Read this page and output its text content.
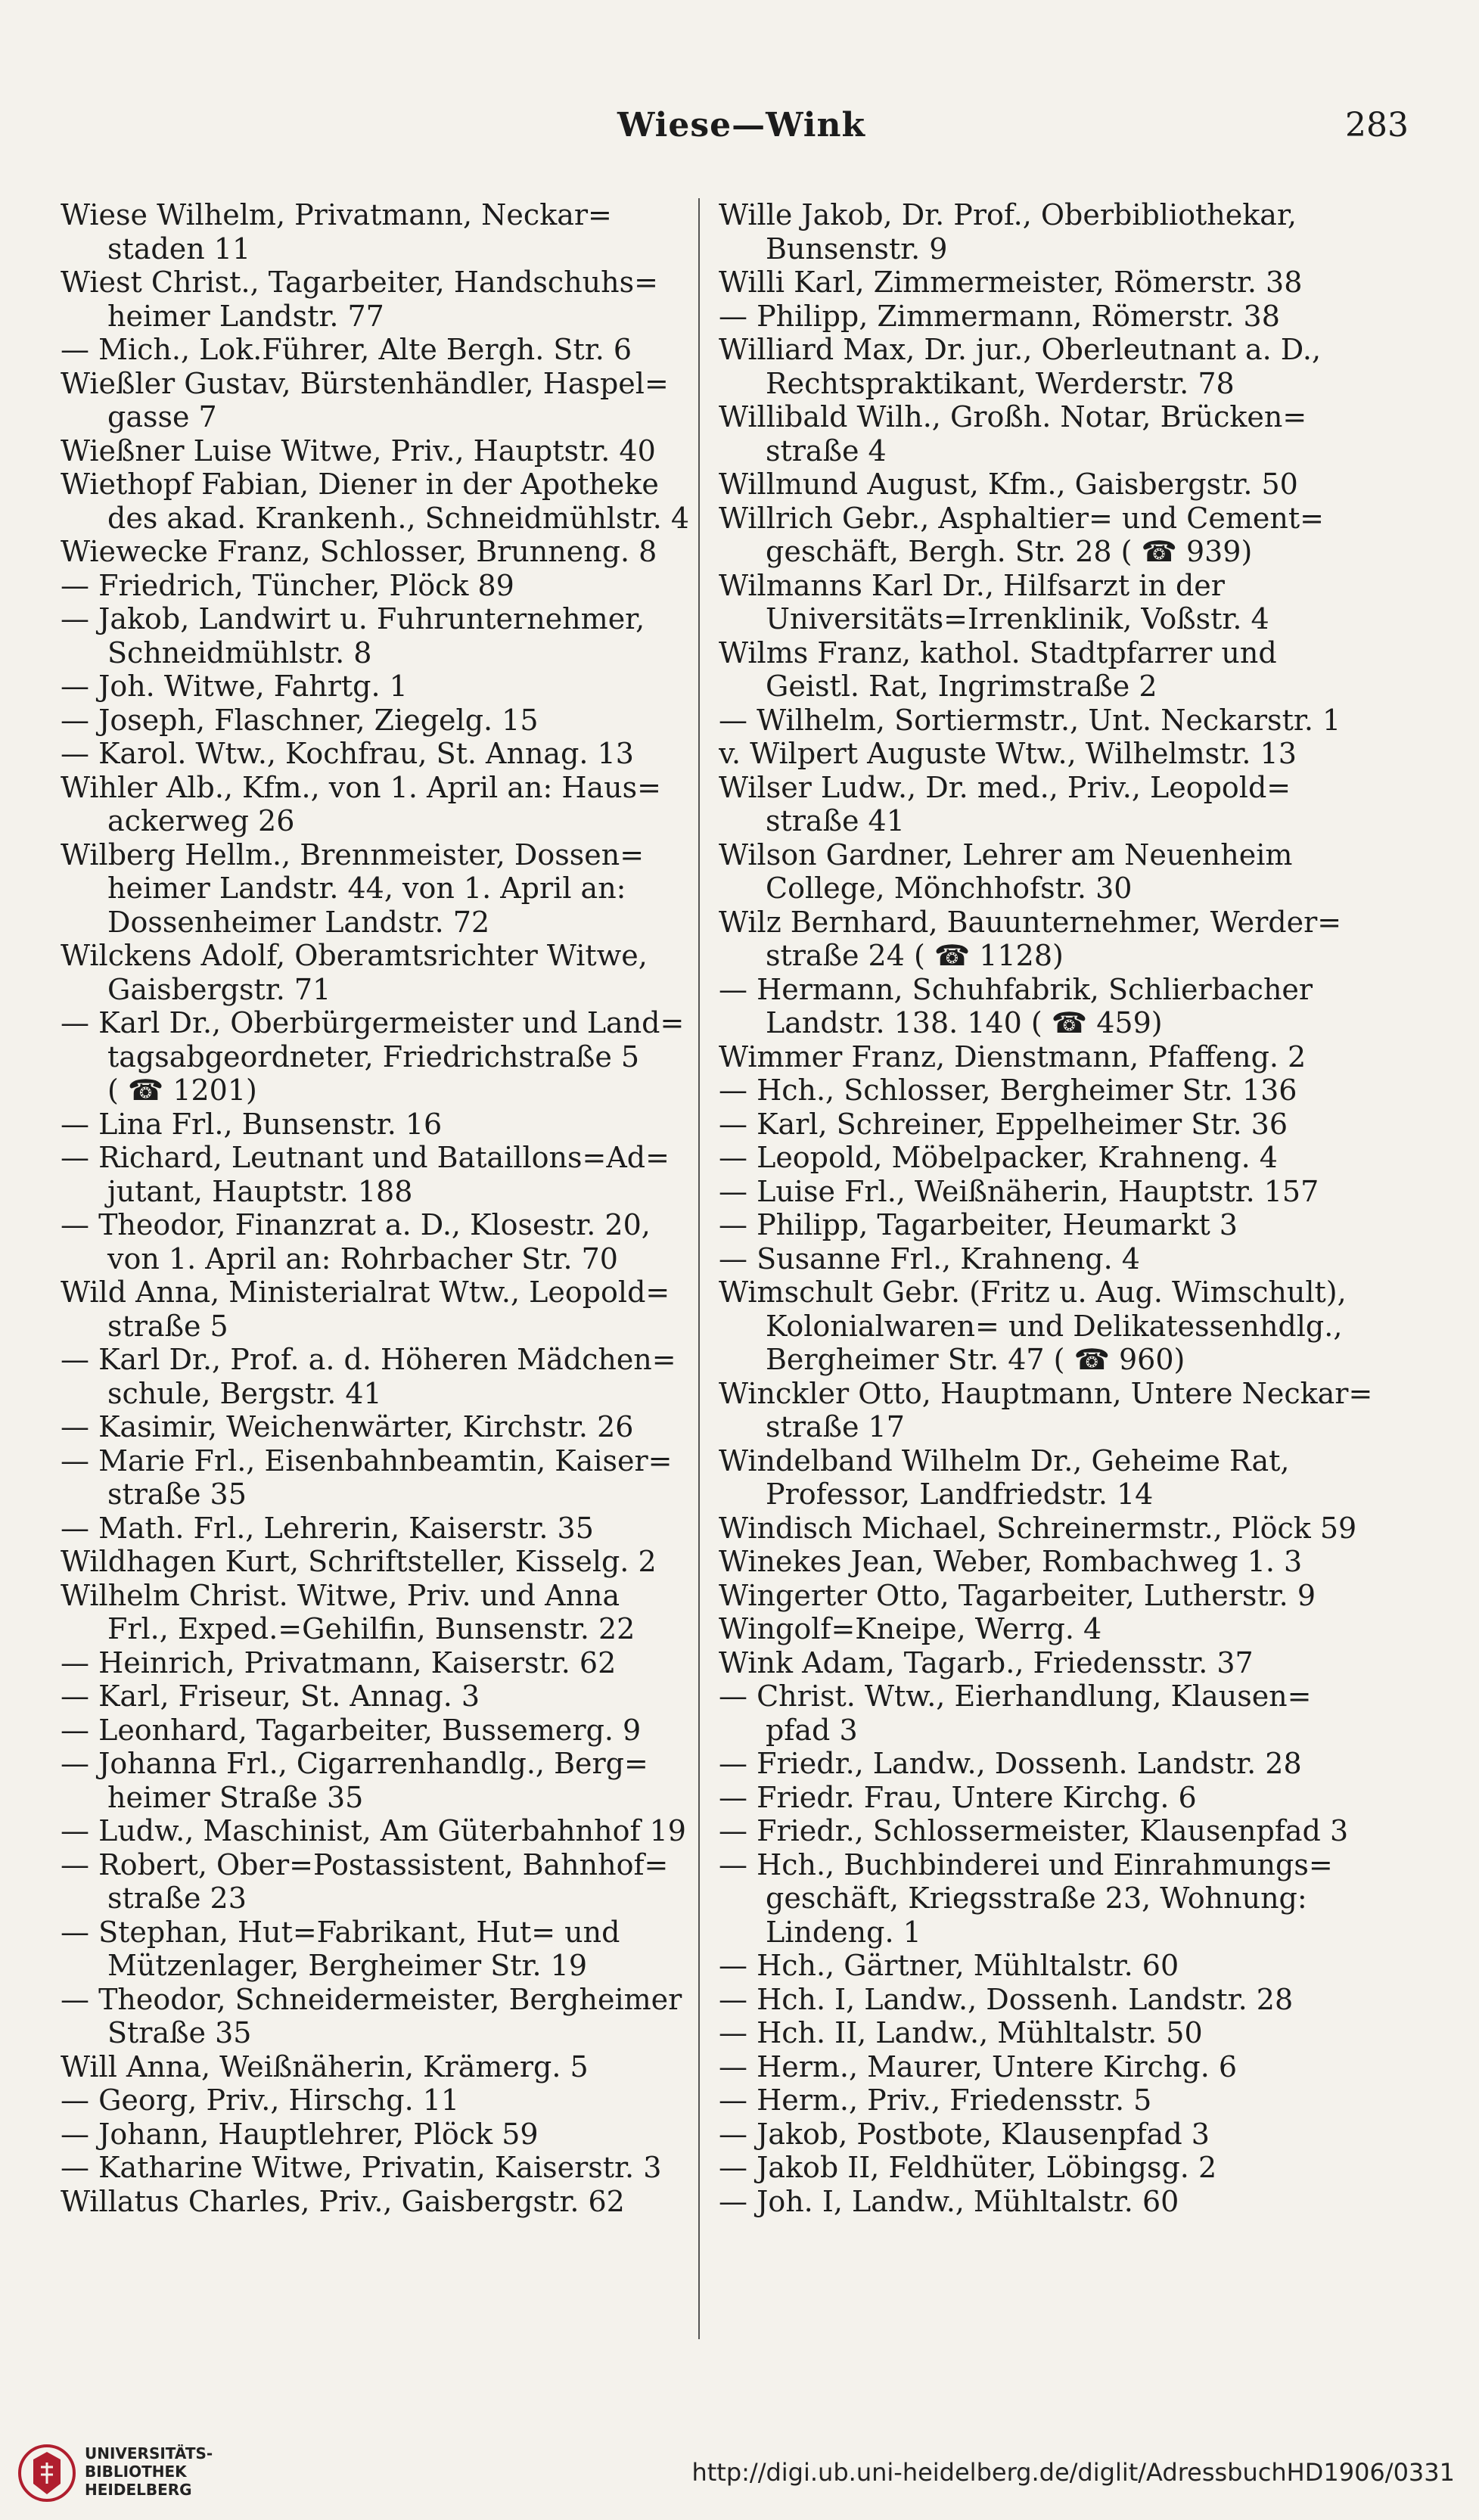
Wiese—Wink	283
Wiese Wilhelm, Privatmann, Neckar=
staden 11
Wiest Christ., Tagarbeiter, Handschuhs=
heimer Landstr. 77
— Mich., Lok.Führer, Alte Bergh. Str. 6
Wießler Gustav, Bürstenhändler, Haspel=
gasse 7
Wießner Luise Witwe, Priv., Hauptstr. 40
Wiethopf Fabian, Diener in der Apotheke
des akad. Krankenh., Schneidmühlstr. 4
Wiewecke Franz, Schlosser, Brunneng. 8
— Friedrich, Tüncher, Plöck 89
— Jakob, Landwirt u. Fuhrunternehmer,
Schneidmühlstr. 8
— Joh. Witwe, Fahrtg. 1
— Joseph, Flaschner, Ziegelg. 15
— Karol. Wtw., Kochfrau, St. Annag. 13
Wihler Alb., Kfm., von 1. April an: Haus=
ackerweg 26
Wilberg Hellm., Brennmeister, Dossen=
heimer Landstr. 44, von 1. April an:
Dossenheimer Landstr. 72
Wilckens Adolf, Oberamtsrichter Witwe,
Gaisbergstr. 71
— Karl Dr., Oberbürgermeister und Land=
tagsabgeordneter, Friedrichstraße 5
( ☎ 1201)
— Lina Frl., Bunsenstr. 16
— Richard, Leutnant und Bataillons=Ad=
jutant, Hauptstr. 188
— Theodor, Finanzrat a. D., Klosestr. 20,
von 1. April an: Rohrbacher Str. 70
Wild Anna, Ministerialrat Wtw., Leopold=
straße 5
— Karl Dr., Prof. a. d. Höheren Mädchen=
schule, Bergstr. 41
— Kasimir, Weichenwärter, Kirchstr. 26
— Marie Frl., Eisenbahnbeamtin, Kaiser=
straße 35
— Math. Frl., Lehrerin, Kaiserstr. 35
Wildhagen Kurt, Schriftsteller, Kisselg. 2
Wilhelm Christ. Witwe, Priv. und Anna
Frl., Exped.=Gehilfin, Bunsenstr. 22
— Heinrich, Privatmann, Kaiserstr. 62
— Karl, Friseur, St. Annag. 3
— Leonhard, Tagarbeiter, Bussemerg. 9
— Johanna Frl., Cigarrenhandlg., Berg=
heimer Straße 35
— Ludw., Maschinist, Am Güterbahnhof 19
— Robert, Ober=Postassistent, Bahnhof=
straße 23
— Stephan, Hut=Fabrikant, Hut= und
Mützenlager, Bergheimer Str. 19
— Theodor, Schneidermeister, Bergheimer
Straße 35
Will Anna, Weißnäherin, Krämerg. 5
— Georg, Priv., Hirschg. 11
— Johann, Hauptlehrer, Plöck 59
— Katharine Witwe, Privatin, Kaiserstr. 3
Willatus Charles, Priv., Gaisbergstr. 62
Wille Jakob, Dr. Prof., Oberbibliothekar,
Bunsenstr. 9
Willi Karl, Zimmermeister, Römerstr. 38
— Philipp, Zimmermann, Römerstr. 38
Williard Max, Dr. jur., Oberleutnant a. D.,
Rechtspraktikant, Werderstr. 78
Willibald Wilh., Großh. Notar, Brücken=
straße 4
Willmund August, Kfm., Gaisbergstr. 50
Willrich Gebr., Asphaltier= und Cement=
geschäft, Bergh. Str. 28 ( ☎ 939)
Wilmanns Karl Dr., Hilfsarzt in der
Universitäts=Irrenklinik, Voßstr. 4
Wilms Franz, kathol. Stadtpfarrer und
Geistl. Rat, Ingrimstraße 2
— Wilhelm, Sortiermstr., Unt. Neckarstr. 1
v. Wilpert Auguste Wtw., Wilhelmstr. 13
Wilser Ludw., Dr. med., Priv., Leopold=
straße 41
Wilson Gardner, Lehrer am Neuenheim
College, Mönchhofstr. 30
Wilz Bernhard, Bauunternehmer, Werder=
straße 24 ( ☎ 1128)
— Hermann, Schuhfabrik, Schlierbacher
Landstr. 138. 140 ( ☎ 459)
Wimmer Franz, Dienstmann, Pfaffeng. 2
— Hch., Schlosser, Bergheimer Str. 136
— Karl, Schreiner, Eppelheimer Str. 36
— Leopold, Möbelpacker, Krahneng. 4
— Luise Frl., Weißnäherin, Hauptstr. 157
— Philipp, Tagarbeiter, Heumarkt 3
— Susanne Frl., Krahneng. 4
Wimschult Gebr. (Fritz u. Aug. Wimschult),
Kolonialwaren= und Delikatessenhdlg.,
Bergheimer Str. 47 ( ☎ 960)
Winckler Otto, Hauptmann, Untere Neckar=
straße 17
Windelband Wilhelm Dr., Geheime Rat,
Professor, Landfriedstr. 14
Windisch Michael, Schreinermstr., Plöck 59
Winekes Jean, Weber, Rombachweg 1. 3
Wingerter Otto, Tagarbeiter, Lutherstr. 9
Wingolf=Kneipe, Werrg. 4
Wink Adam, Tagarb., Friedensstr. 37
— Christ. Wtw., Eierhandlung, Klausen=
pfad 3
— Friedr., Landw., Dossenh. Landstr. 28
— Friedr. Frau, Untere Kirchg. 6
— Friedr., Schlossermeister, Klausenpfad 3
— Hch., Buchbinderei und Einrahmungs=
geschäft, Kriegsstraße 23, Wohnung:
Lindeng. 1
— Hch., Gärtner, Mühltalstr. 60
— Hch. I, Landw., Dossenh. Landstr. 28
— Hch. II, Landw., Mühltalstr. 50
— Herm., Maurer, Untere Kirchg. 6
— Herm., Priv., Friedensstr. 5
— Jakob, Postbote, Klausenpfad 3
— Jakob II, Feldhüter, Löbingsg. 2
— Joh. I, Landw., Mühltalstr. 60
UNIVERSITÄTS-
BIBLIOTHEK
HEIDELBERG
http://digi.ub.uni-heidelberg.de/diglit/AdressbuchHD1906/0331
